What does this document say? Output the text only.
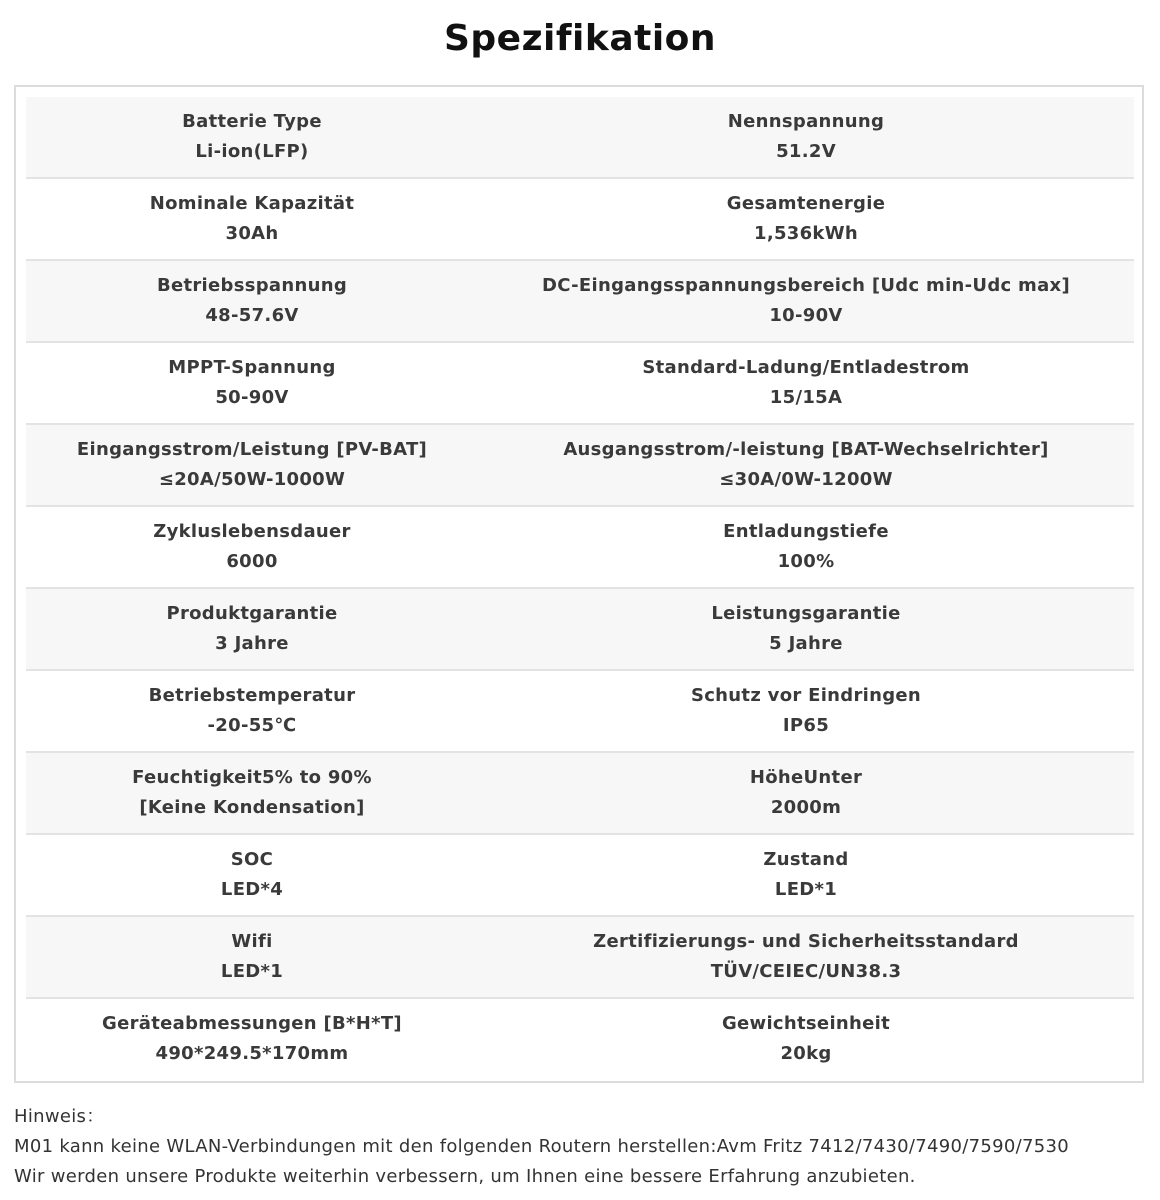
Spezifikation
Batterie Type
Li-ion(LFP)
Nennspannung
51.2V
Nominale Kapazität
30Ah
Gesamtenergie
1,536kWh
Betriebsspannung
48-57.6V
DC-Eingangsspannungsbereich [Udc min-Udc max]
10-90V
MPPT-Spannung
50-90V
Standard-Ladung/Entladestrom
15/15A
Eingangsstrom/Leistung [PV-BAT]
≤20A/50W-1000W
Ausgangsstrom/-leistung [BAT-Wechselrichter]
≤30A/0W-1200W
Zykluslebensdauer
6000
Entladungstiefe
100%
Produktgarantie
3 Jahre
Leistungsgarantie
5 Jahre
Betriebstemperatur
-20-55℃
Schutz vor Eindringen
IP65
Feuchtigkeit5% to 90%
[Keine Kondensation]
HöheUnter
2000m
SOC
LED*4
Zustand
LED*1
Wifi
LED*1
Zertifizierungs- und Sicherheitsstandard
TÜV/CEIEC/UN38.3
Geräteabmessungen [B*H*T]
490*249.5*170mm
Gewichtseinheit
20kg
Hinweis：
M01 kann keine WLAN-Verbindungen mit den folgenden Routern herstellen:Avm Fritz 7412/7430/7490/7590/7530
Wir werden unsere Produkte weiterhin verbessern, um Ihnen eine bessere Erfahrung anzubieten.
